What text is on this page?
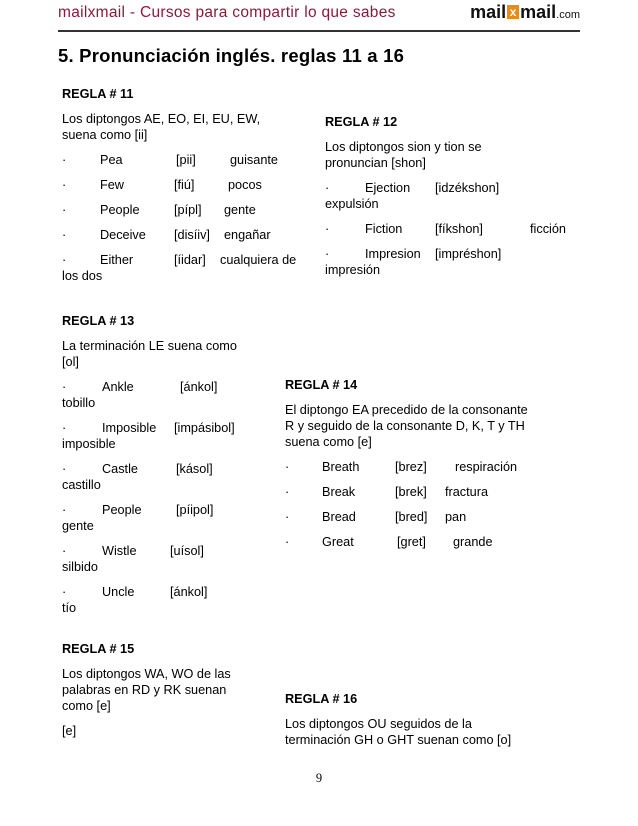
mailxmail - Cursos para compartir lo que sabes	mail x mail.com
5. Pronunciación inglés. reglas 11 a 16

REGLA # 11

Los diptongos AE, EO, EI, EU, EW,

suena como [ii]

·	Pea	[pii]	guisante
·	Few	[fiú]	pocos
·	People	[pípl] gente
·	Deceive [disíiv] engañar
·	Either	[íidar] cualquiera de

los dos

REGLA # 12

Los diptongos sion y tion se

pronuncian [shon]

·	Ejection [idzékshon]

expulsión

·	Fiction	[fíkshon]	ficción
·	Impresion [impréshon]

impresión

REGLA # 13

La terminación LE suena como

[ol]

·	Ankle	[ánkol]

tobillo

·	Imposible [impásibol]

imposible

·	Castle	[kásol]

castillo

·	People	[píipol]

gente

·	Wistle	[uísol]

silbido

·	Uncle	[ánkol]

tío

REGLA # 14

El diptongo EA precedido de la consonante

R y seguido de la consonante D, K, T y TH

suena como [e]

·	Breath	[brez] respiración
·	Break	[brek] fractura
·	Bread	[bred] pan
·	Great	[gret] grande

REGLA # 15

Los diptongos WA, WO de las

palabras en RD y RK suenan

como [e]

[e]

REGLA # 16

Los diptongos OU seguidos de la

terminación GH o GHT suenan como [o]

9
